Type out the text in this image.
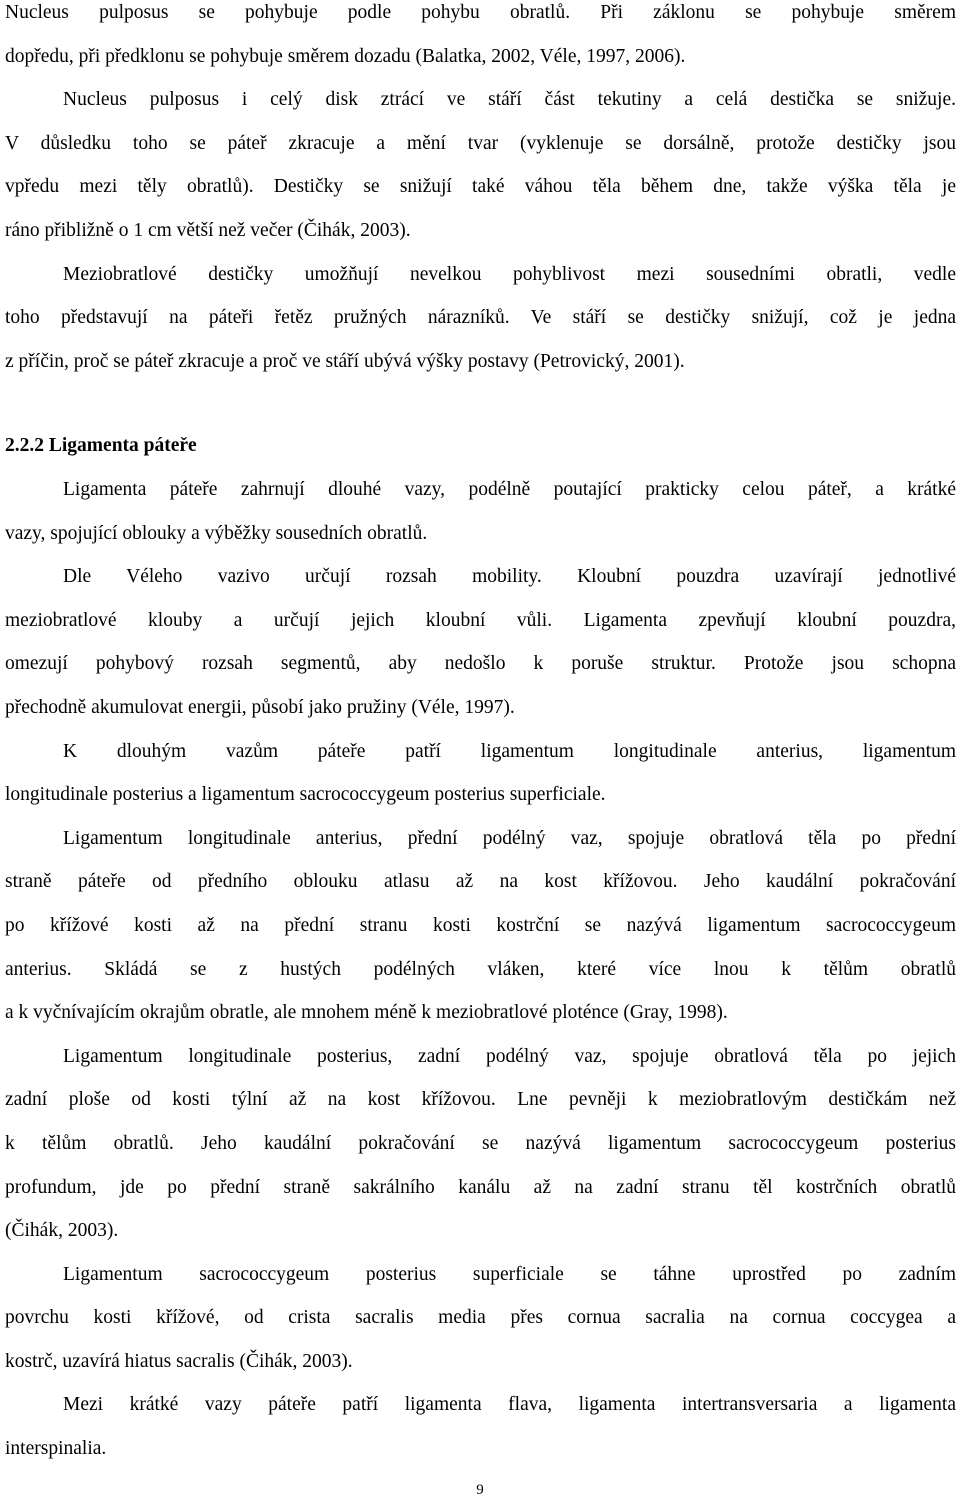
Nucleus pulposus se pohybuje podle pohybu obratlů. Při záklonu se pohybuje směrem
dopředu, při předklonu se pohybuje směrem dozadu (Balatka, 2002, Véle, 1997, 2006).
Nucleus pulposus i celý disk ztrácí ve stáří část tekutiny a celá destička se snižuje.
V důsledku toho se páteř zkracuje a mění tvar (vyklenuje se dorsálně, protože destičky jsou
vpředu mezi těly obratlů). Destičky se snižují také váhou těla během dne, takže výška těla je
ráno přibližně o 1 cm větší než večer (Čihák, 2003).
Meziobratlové destičky umožňují nevelkou pohyblivost mezi sousedními obratli, vedle
toho představují na páteři řetěz pružných nárazníků. Ve stáří se destičky snižují, což je jedna
z příčin, proč se páteř zkracuje a proč ve stáří ubývá výšky postavy (Petrovický, 2001).
2.2.2 Ligamenta páteře
Ligamenta páteře zahrnují dlouhé vazy, podélně poutající prakticky celou páteř, a krátké
vazy, spojující oblouky a výběžky sousedních obratlů.
Dle Véleho vazivo určují rozsah mobility. Kloubní pouzdra uzavírají jednotlivé
meziobratlové klouby a určují jejich kloubní vůli. Ligamenta zpevňují kloubní pouzdra,
omezují pohybový rozsah segmentů, aby nedošlo k poruše struktur. Protože jsou schopna
přechodně akumulovat energii, působí jako pružiny (Véle, 1997).
K dlouhým vazům páteře patří ligamentum longitudinale anterius, ligamentum
longitudinale posterius a ligamentum sacrococcygeum posterius superficiale.
Ligamentum longitudinale anterius, přední podélný vaz, spojuje obratlová těla po přední
straně páteře od předního oblouku atlasu až na kost křížovou. Jeho kaudální pokračování
po křížové kosti až na přední stranu kosti kostrční se nazývá ligamentum sacrococcygeum
anterius. Skládá se z hustých podélných vláken, které více lnou k tělům obratlů
a k vyčnívajícím okrajům obratle, ale mnohem méně k meziobratlové ploténce (Gray, 1998).
Ligamentum longitudinale posterius, zadní podélný vaz, spojuje obratlová těla po jejich
zadní ploše od kosti týlní až na kost křížovou. Lne pevněji k meziobratlovým destičkám než
k tělům obratlů. Jeho kaudální pokračování se nazývá ligamentum sacrococcygeum posterius
profundum, jde po přední straně sakrálního kanálu až na zadní stranu těl kostrčních obratlů
(Čihák, 2003).
Ligamentum sacrococcygeum posterius superficiale se táhne uprostřed po zadním
povrchu kosti křížové, od crista sacralis media přes cornua sacralia na cornua coccygea a
kostrč, uzavírá hiatus sacralis (Čihák, 2003).
Mezi krátké vazy páteře patří ligamenta flava, ligamenta intertransversaria a ligamenta
interspinalia.
9
